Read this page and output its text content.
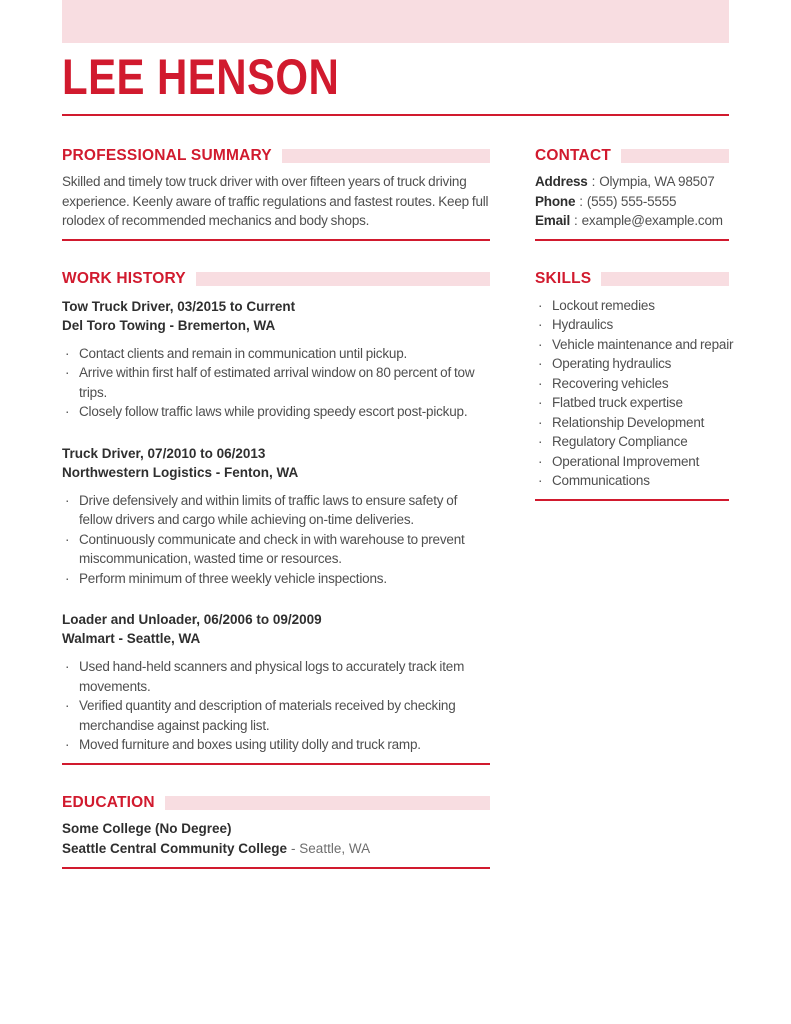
LEE HENSON
PROFESSIONAL SUMMARY

Skilled and timely tow truck driver with over fifteen years of truck driving experience. Keenly aware of traffic regulations and fastest routes. Keep full rolodex of recommended mechanics and body shops.

WORK HISTORY
Tow Truck Driver, 03/2015 to Current
Del Toro Towing - Bremerton, WA
· Contact clients and remain in communication until pickup.
· Arrive within first half of estimated arrival window on 80 percent of tow trips.
· Closely follow traffic laws while providing speedy escort post-pickup.
Truck Driver, 07/2010 to 06/2013
Northwestern Logistics - Fenton, WA
· Drive defensively and within limits of traffic laws to ensure safety of fellow drivers and cargo while achieving on-time deliveries.
· Continuously communicate and check in with warehouse to prevent miscommunication, wasted time or resources.
· Perform minimum of three weekly vehicle inspections.
Loader and Unloader, 06/2006 to 09/2009
Walmart - Seattle, WA
· Used hand-held scanners and physical logs to accurately track item movements.
· Verified quantity and description of materials received by checking merchandise against packing list.
· Moved furniture and boxes using utility dolly and truck ramp.
EDUCATION
Some College (No Degree)
Seattle Central Community College - Seattle, WA
CONTACT
Address : Olympia, WA 98507
Phone : (555) 555-5555
Email : example@example.com
SKILLS
· Lockout remedies
· Hydraulics
· Vehicle maintenance and repair
· Operating hydraulics
· Recovering vehicles
· Flatbed truck expertise
· Relationship Development
· Regulatory Compliance
· Operational Improvement
· Communications
